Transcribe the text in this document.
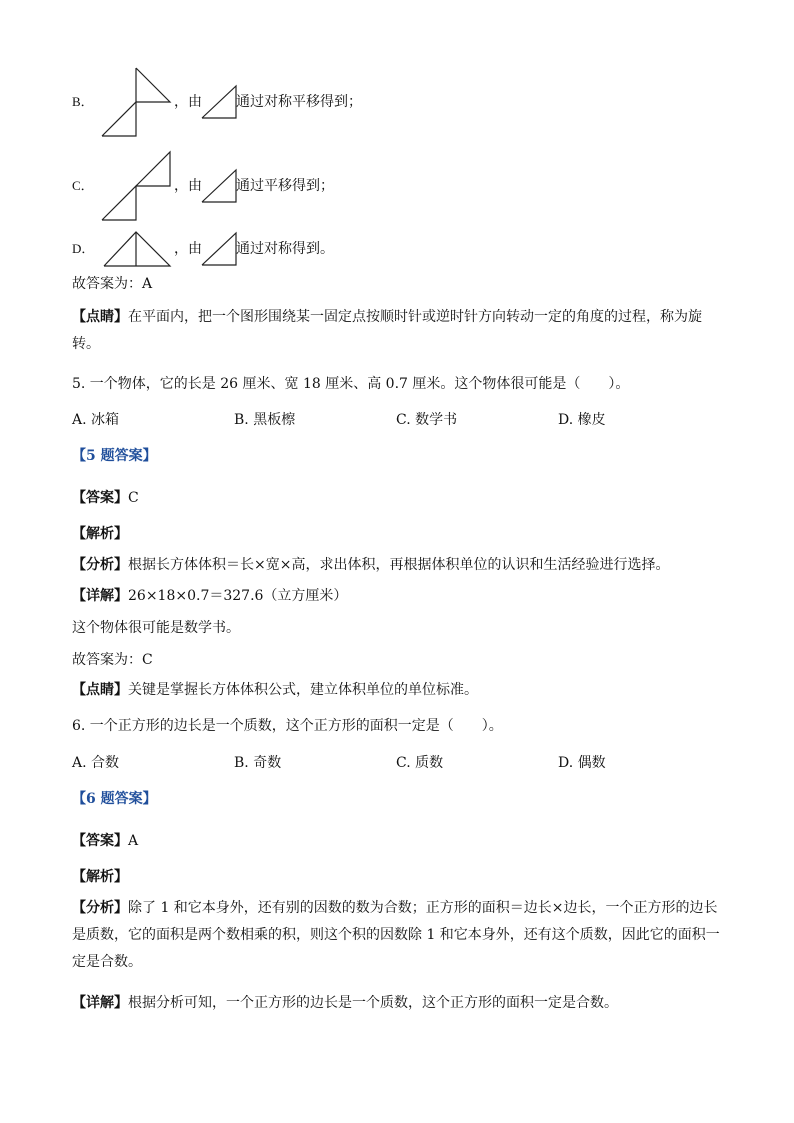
B．	，由 通过对称平移得到；
C．	，由 通过平移得到；
D．	，由 通过对称得到。
故答案为：A
【点睛】在平面内，把一个图形围绕某一固定点按顺时针或逆时针方向转动一定的角度的过程，称为旋转。
5. 一个物体，它的长是 26 厘米、宽 18 厘米、高 0.7 厘米。这个物体很可能是（　　）。
A. 冰箱	B. 黑板檫	C. 数学书	D. 橡皮
【5 题答案】
【答案】C
【解析】
【分析】根据长方体体积＝长×宽×高，求出体积，再根据体积单位的认识和生活经验进行选择。
【详解】26×18×0.7＝327.6（立方厘米）
这个物体很可能是数学书。
故答案为：C
【点睛】关键是掌握长方体体积公式，建立体积单位的单位标准。
6. 一个正方形的边长是一个质数，这个正方形的面积一定是（　　）。
A. 合数	B. 奇数	C. 质数	D. 偶数
【6 题答案】
【答案】A
【解析】
【分析】除了 1 和它本身外，还有别的因数的数为合数；正方形的面积＝边长×边长，一个正方形的边长是质数，它的面积是两个数相乘的积，则这个积的因数除 1 和它本身外，还有这个质数，因此它的面积一定是合数。
【详解】根据分析可知，一个正方形的边长是一个质数，这个正方形的面积一定是合数。
